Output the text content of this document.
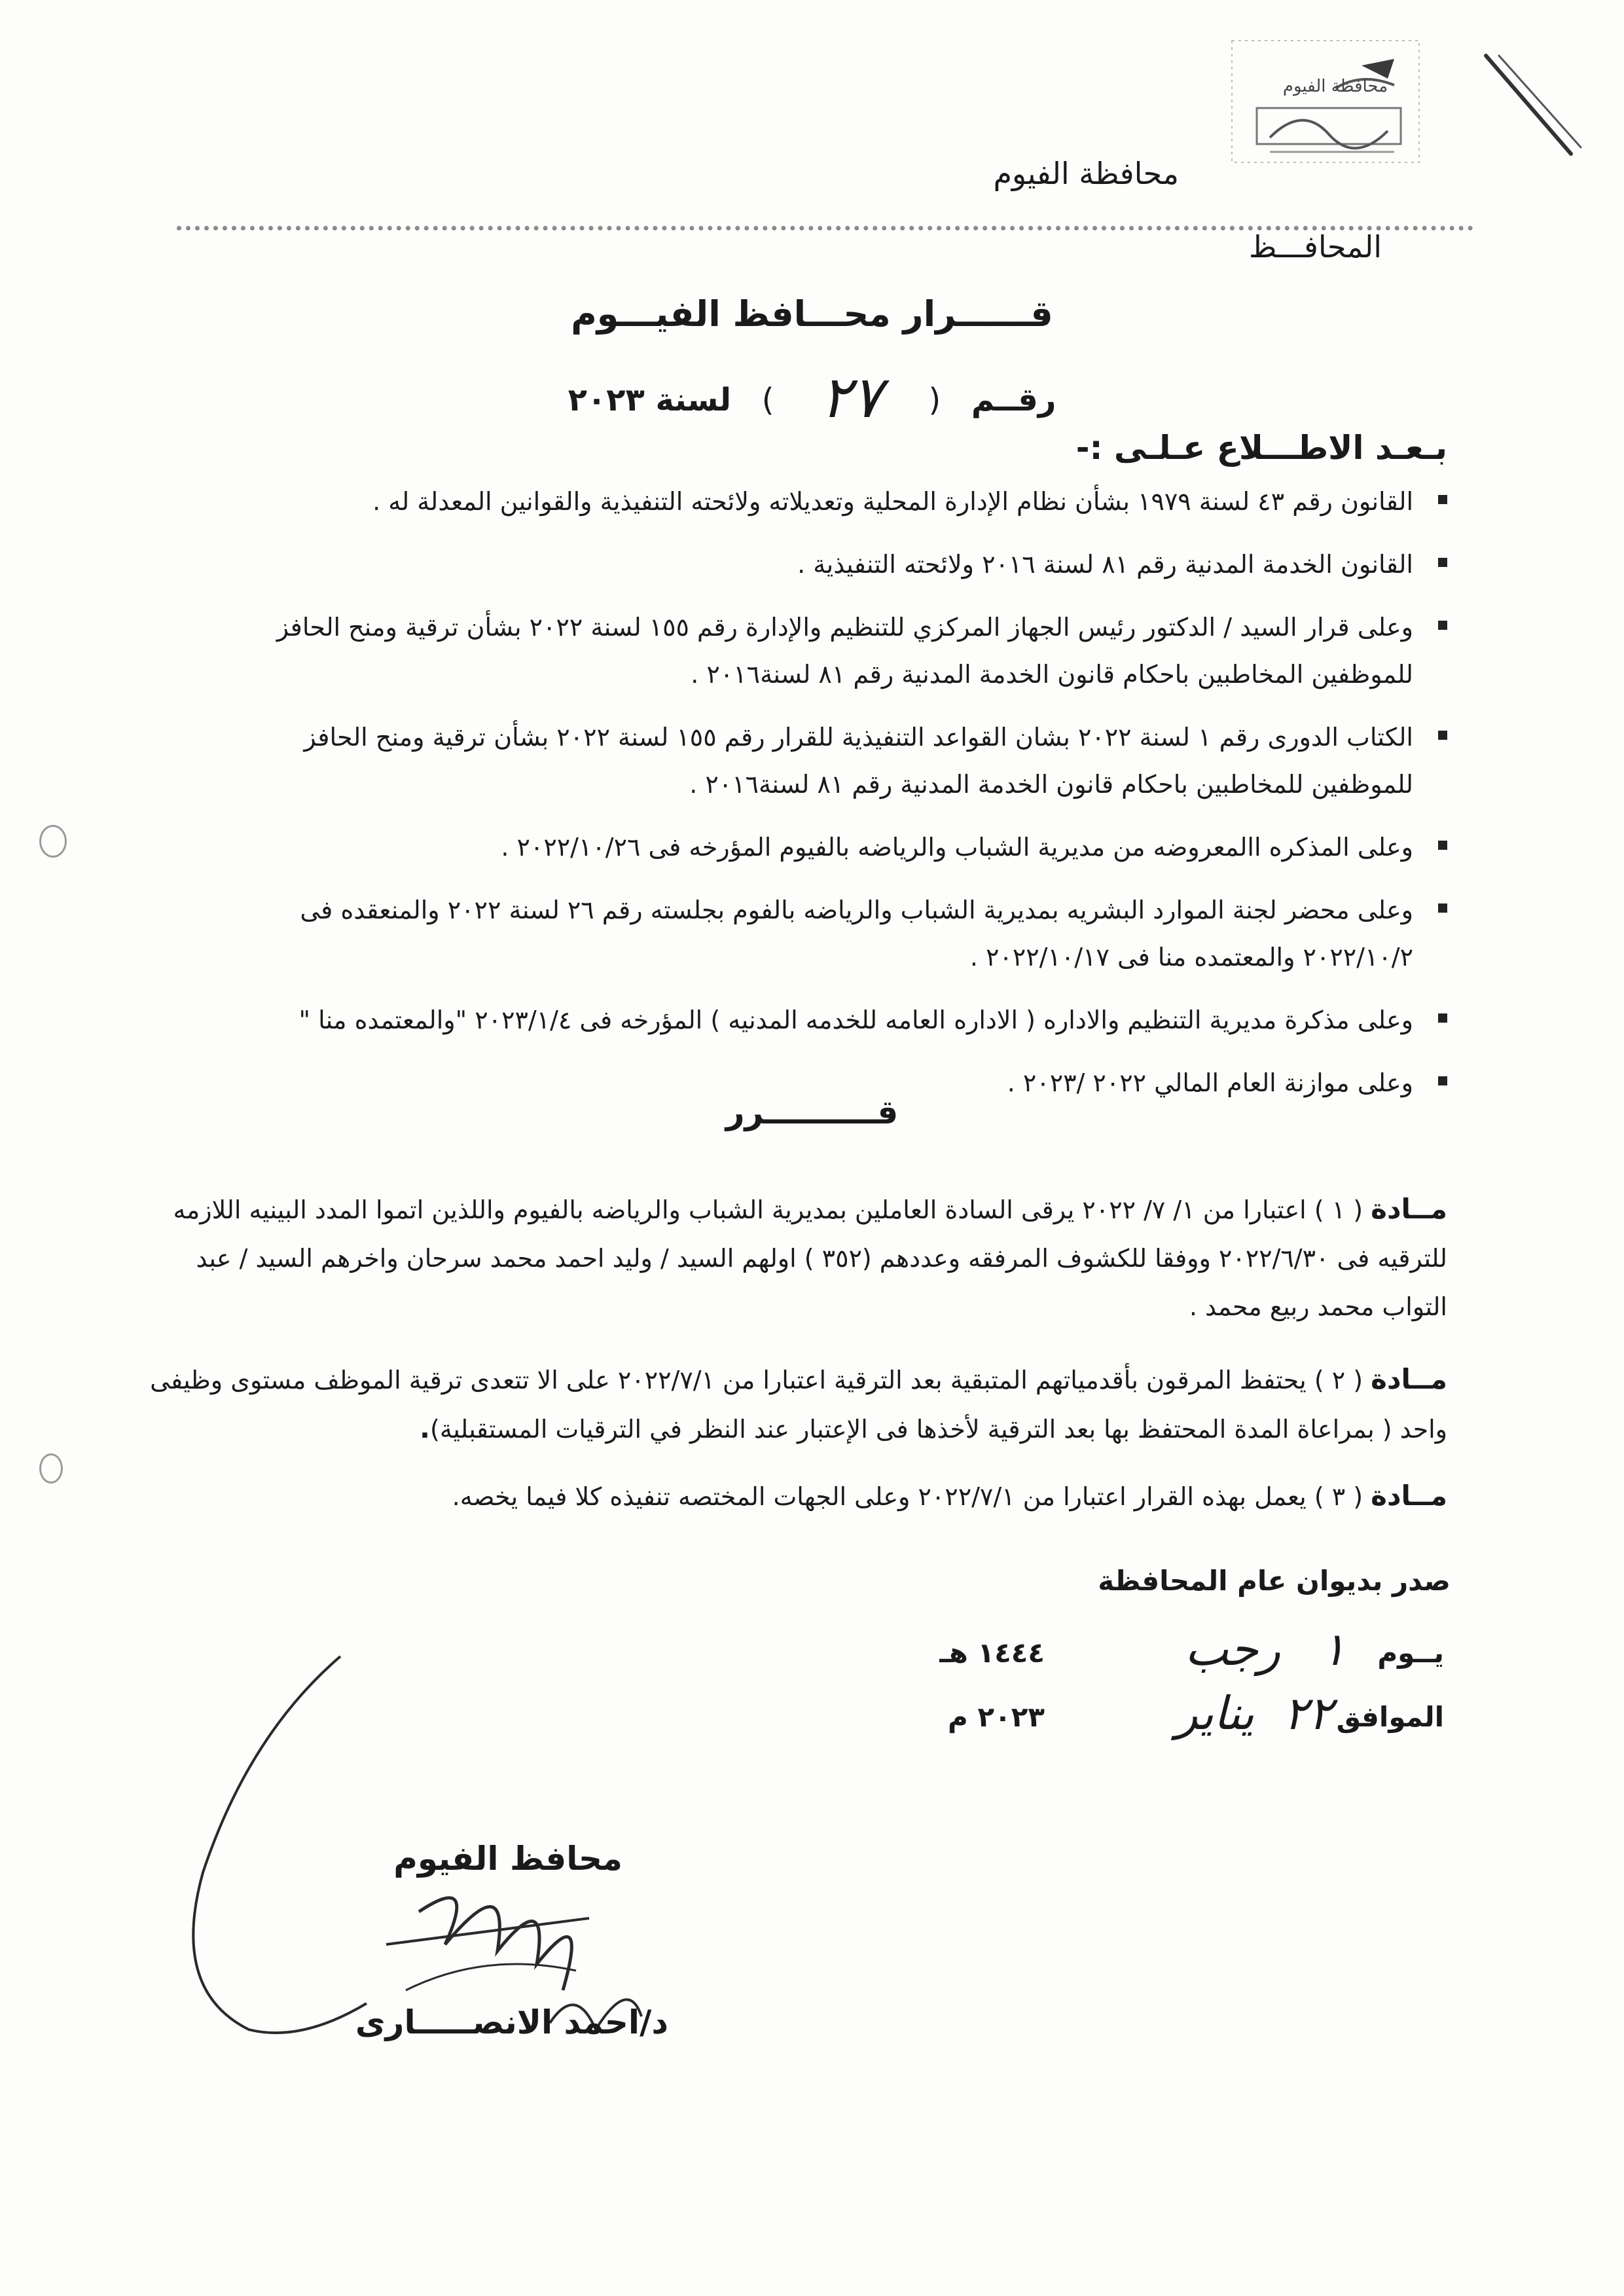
محافظة الفيوم
محافظة الفيوم
المحافـــظ
قــــــرار محـــافظ الفيـــوم
رقــم ( ٢٧ ) لسنة ٢٠٢٣
بـعـد الاطـــلاع عـلـى :-
القانون رقم ٤٣ لسنة ١٩٧٩ بشأن نظام الإدارة المحلية وتعديلاته ولائحته التنفيذية والقوانين المعدلة له .
القانون الخدمة المدنية رقم ٨١ لسنة ٢٠١٦ ولائحته التنفيذية .
وعلى قرار السيد / الدكتور رئيس الجهاز المركزي للتنظيم والإدارة رقم ١٥٥ لسنة ٢٠٢٢ بشأن ترقية ومنح الحافز للموظفين المخاطبين باحكام قانون الخدمة المدنية رقم ٨١ لسنة٢٠١٦ .
الكتاب الدورى رقم ١ لسنة ٢٠٢٢ بشان القواعد التنفيذية للقرار رقم ١٥٥ لسنة ٢٠٢٢ بشأن ترقية ومنح الحافز للموظفين للمخاطبين باحكام قانون الخدمة المدنية رقم ٨١ لسنة٢٠١٦ .
وعلى المذكره االمعروضه من مديرية الشباب والرياضه بالفيوم المؤرخه فى ٢٠٢٢/١٠/٢٦ .
وعلى محضر لجنة الموارد البشريه بمديرية الشباب والرياضه بالفوم بجلسته رقم ٢٦ لسنة ٢٠٢٢ والمنعقده فى ٢٠٢٢/١٠/٢ والمعتمده منا فى ٢٠٢٢/١٠/١٧ .
وعلى مذكرة مديرية التنظيم والاداره ( الاداره العامه للخدمه المدنيه ) المؤرخه فى ٢٠٢٣/١/٤ "والمعتمده منا "
وعلى موازنة العام المالي ٢٠٢٢ /٢٠٢٣ .
قــــــــــرر
مــادة ( ١ ) اعتبارا من ١/ ٧/ ٢٠٢٢ يرقى السادة العاملين بمديرية الشباب والرياضه بالفيوم واللذين اتموا المدد البينيه اللازمه للترقيه فى ٢٠٢٢/٦/٣٠ ووفقا للكشوف المرفقه وعددهم (٣٥٢ ) اولهم السيد / وليد احمد محمد سرحان واخرهم السيد / عبد التواب محمد ربيع محمد .
مــادة ( ٢ ) يحتفظ المرقون بأقدمياتهم المتبقية بعد الترقية اعتبارا من ٢٠٢٢/٧/١ على الا تتعدى ترقية الموظف مستوى وظيفى واحد ( بمراعاة المدة المحتفظ بها بعد الترقية لأخذها فى الإعتبار عند النظر في الترقيات المستقبلية).
مــادة ( ٣ ) يعمل بهذه القرار اعتبارا من ٢٠٢٢/٧/١ وعلى الجهات المختصه تنفيذه كلا فيما يخصه.
صدر بديوان عام المحافظة
يــوم
١
رجب
١٤٤٤ هـ
الموافق
٢٢
يناير
٢٠٢٣ م
محافظ الفيوم
د/احمد الانصـــــارى
